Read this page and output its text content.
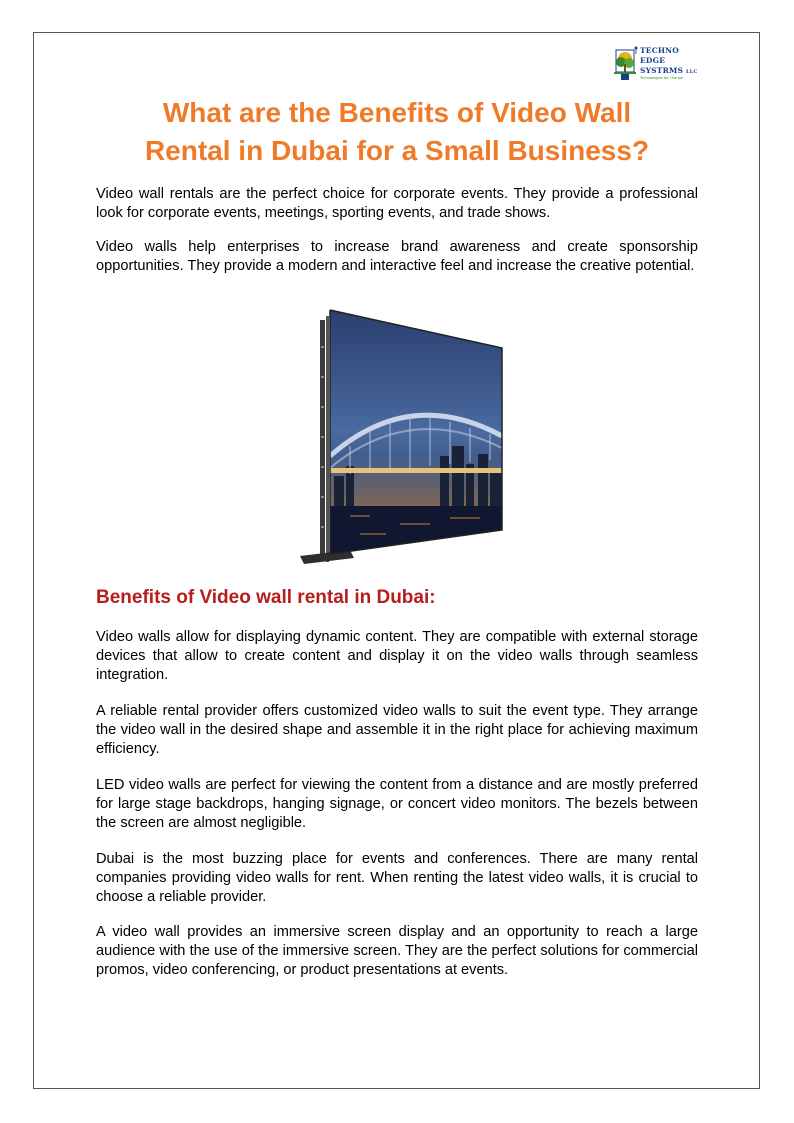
TECHNO
EDGE
SYSTRMS LLC
Technologies for Change
What are the Benefits of Video Wall
Rental in Dubai for a Small Business?

Video wall rentals are the perfect choice for corporate events. They provide a professional look for corporate events, meetings, sporting events, and trade shows.

Video walls help enterprises to increase brand awareness and create sponsorship opportunities. They provide a modern and interactive feel and increase the creative potential.

Benefits of Video wall rental in Dubai:

Video walls allow for displaying dynamic content. They are compatible with external storage devices that allow to create content and display it on the video walls through seamless integration.

A reliable rental provider offers customized video walls to suit the event type. They arrange the video wall in the desired shape and assemble it in the right place for achieving maximum efficiency.

LED video walls are perfect for viewing the content from a distance and are mostly preferred for large stage backdrops, hanging signage, or concert video monitors. The bezels between the screen are almost negligible.

Dubai is the most buzzing place for events and conferences. There are many rental companies providing video walls for rent. When renting the latest video walls, it is crucial to choose a reliable provider.

A video wall provides an immersive screen display and an opportunity to reach a large audience with the use of the immersive screen. They are the perfect solutions for commercial promos, video conferencing, or product presentations at events.
